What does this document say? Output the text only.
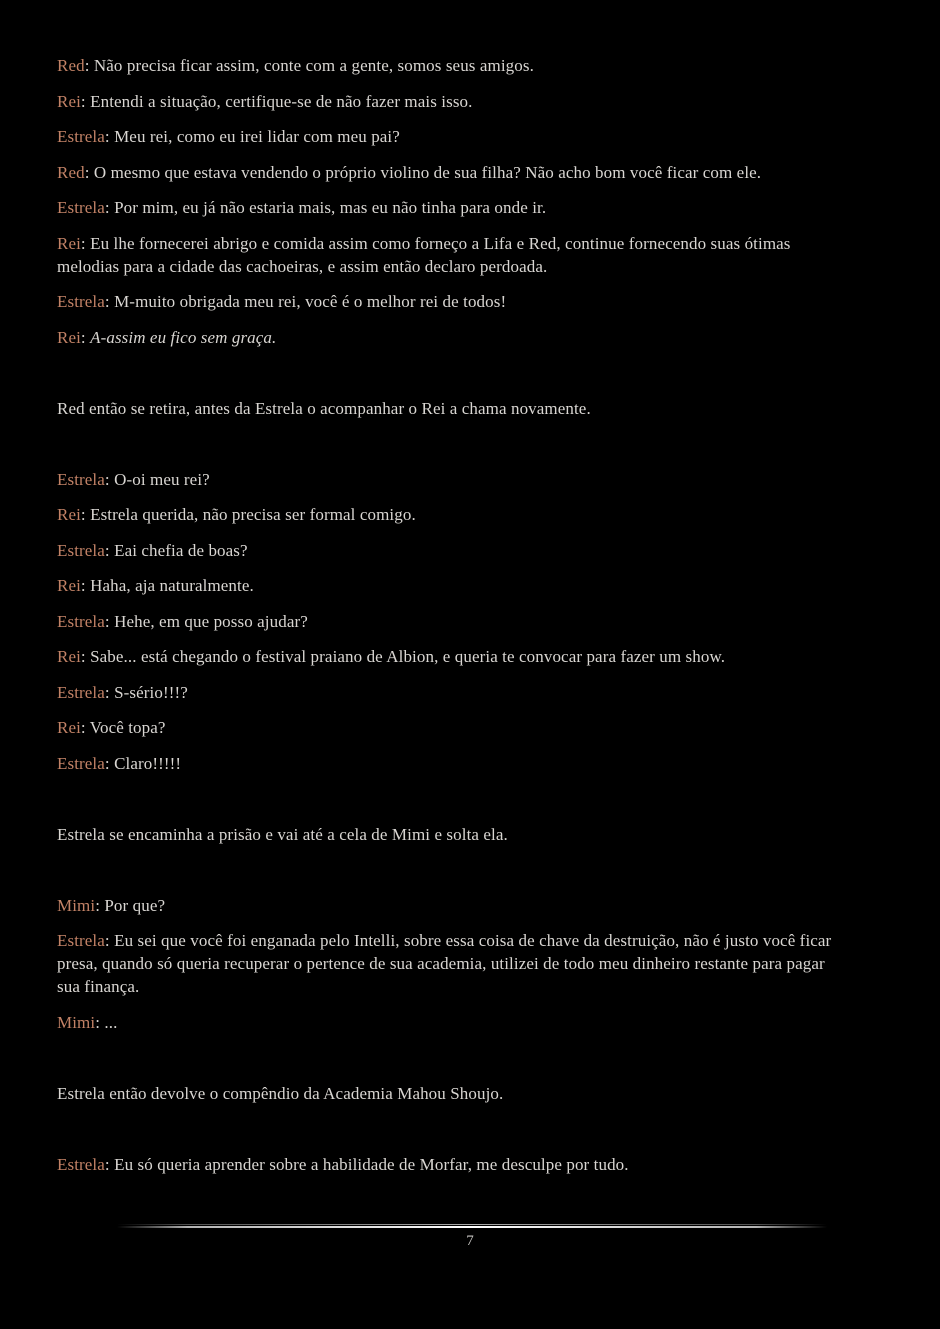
Red: Não precisa ficar assim, conte com a gente, somos seus amigos.

Rei: Entendi a situação, certifique-se de não fazer mais isso.

Estrela: Meu rei, como eu irei lidar com meu pai?

Red: O mesmo que estava vendendo o próprio violino de sua filha? Não acho bom você ficar com ele.

Estrela: Por mim, eu já não estaria mais, mas eu não tinha para onde ir.

Rei: Eu lhe fornecerei abrigo e comida assim como forneço a Lifa e Red, continue fornecendo suas ótimas melodias para a cidade das cachoeiras, e assim então declaro perdoada.

Estrela: M-muito obrigada meu rei, você é o melhor rei de todos!

Rei: A-assim eu fico sem graça.

Red então se retira, antes da Estrela o acompanhar o Rei a chama novamente.

Estrela: O-oi meu rei?

Rei: Estrela querida, não precisa ser formal comigo.

Estrela: Eai chefia de boas?

Rei: Haha, aja naturalmente.

Estrela: Hehe, em que posso ajudar?

Rei: Sabe... está chegando o festival praiano de Albion, e queria te convocar para fazer um show.

Estrela: S-sério!!!?

Rei: Você topa?

Estrela: Claro!!!!!

Estrela se encaminha a prisão e vai até a cela de Mimi e solta ela.

Mimi: Por que?

Estrela: Eu sei que você foi enganada pelo Intelli, sobre essa coisa de chave da destruição, não é justo você ficar presa, quando só queria recuperar o pertence de sua academia, utilizei de todo meu dinheiro restante para pagar sua finança.

Mimi: ...

Estrela então devolve o compêndio da Academia Mahou Shoujo.

Estrela: Eu só queria aprender sobre a habilidade de Morfar, me desculpe por tudo.

7
